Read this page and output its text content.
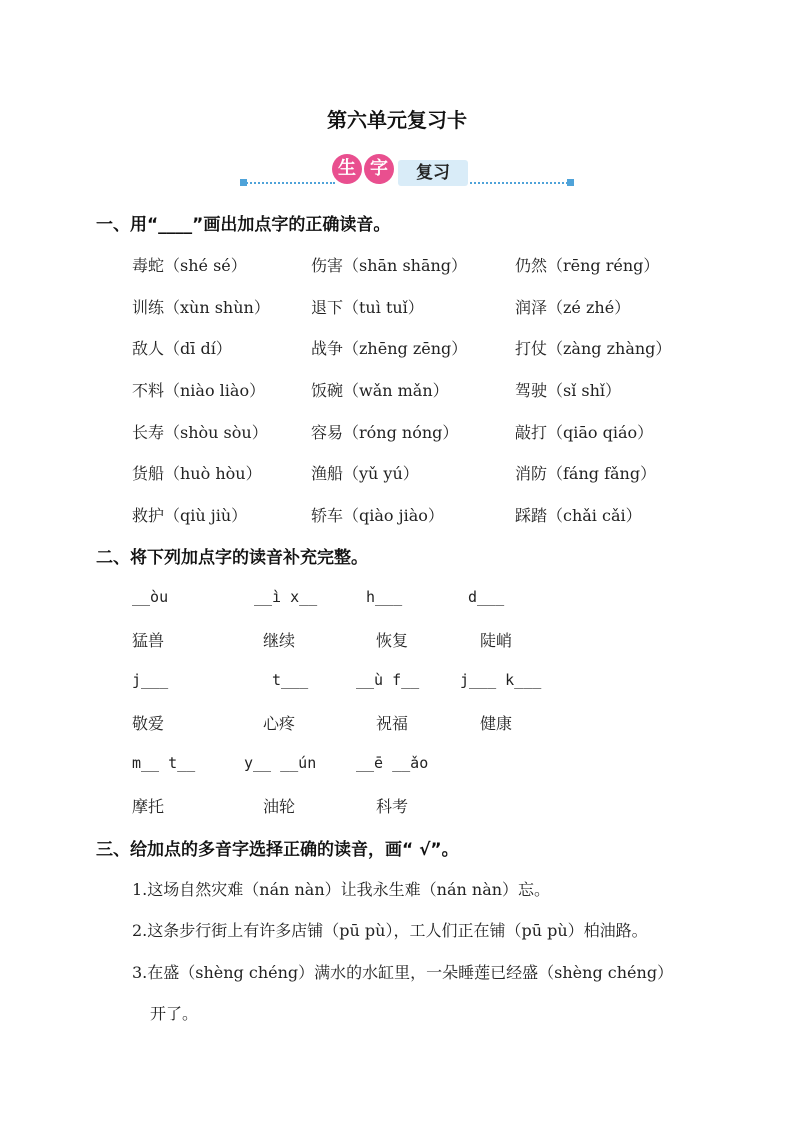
第六单元复习卡
生 字	复习
一、用“____”画出加点字的正确读音。
毒蛇（shé sé）	伤害（shān shāng）	仍然（rēng réng）
训练（xùn shùn）	退下（tuì tuǐ）	润泽（zé zhé）
敌人（dī dí）	战争（zhēng zēng）	打仗（zàng zhàng）
不料（niào liào）	饭碗（wǎn mǎn）	驾驶（sǐ shǐ）
长寿（shòu sòu）	容易（róng nóng）	敲打（qiāo qiáo）
货船（huò hòu）	渔船（yǔ yú）	消防（fáng fǎng）
救护（qiù jiù）	轿车（qiào jiào）	踩踏（chǎi cǎi）
二、将下列加点字的读音补充完整。
__òu	__ì x__	h___	d___
猛兽	继续	恢复	陡峭
j___	t___	__ù f__	j___ k___
敬爱	心疼	祝福	健康
m__ t__	y__ __ún	__ē __ǎo
摩托	油轮	科考
三、给加点的多音字选择正确的读音，画“ √”。
1.这场自然灾难（nán nàn）让我永生难（nán nàn）忘。
2.这条步行街上有许多店铺（pū pù），工人们正在铺（pū pù）柏油路。
3.在盛（shèng chéng）满水的水缸里，一朵睡莲已经盛（shèng chéng）
开了。
